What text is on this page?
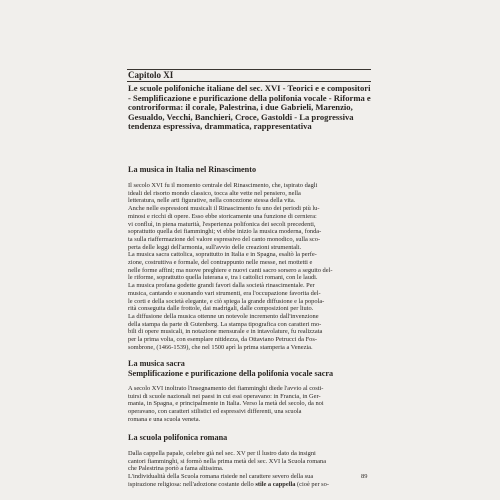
Capitolo XI
Le scuole polifoniche italiane del sec. XVI - Teorici e e compositori - Semplificazione e purificazione della polifonia vocale - Riforma e controriforma: il corale, Palestrina, i due Gabrieli, Marenzio, Gesualdo, Vecchi, Banchieri, Croce, Gastoldi - La progressiva tendenza espressiva, drammatica, rappresentativa
La musica in Italia nel Rinascimento
Il secolo XVI fu il momento centrale del Rinascimento, che, ispirato dagli
ideali del risorto mondo classico, tocca alte vette nel pensiero, nella
letteratura, nelle arti figurative, nella concezione stessa della vita.
Anche nelle espressioni musicali il Rinascimento fu uno dei periodi più lu-
minosi e ricchi di opere. Esso ebbe storicamente una funzione di cerniera:
vi confluì, in piena maturità, l'esperienza polifonica dei secoli precedenti,
soprattutto quella dei fiamminghi; vi ebbe inizio la musica moderna, fonda-
ta sulla riaffermazione del valore espressivo del canto monodico, sulla sco-
perta delle leggi dell'armonia, sull'avvio delle creazioni strumentali.
La musica sacra cattolica, soprattutto in Italia e in Spagna, esaltò la perfe-
zione, costruttiva e formale, del contrappunto nelle messe, nei mottetti e
nelle forme affini; ma nuove preghiere e nuovi canti sacro sorsero a seguito del-
le riforme, soprattutto quella luterana e, tra i cattolici romani, con le laudi.
La musica profana godette grandi favori dalla società rinascimentale. Per
musica, cantando e suonando vari strumenti, era l'occupazione favorita del-
le corti e della società elegante, e ciò spiega la grande diffusione e la popola-
rità conseguita dalle frottole, dai madrigali, dalle composizioni per liuto.
La diffusione della musica ottenne un notevole incremento dall'invenzione
della stampa da parte di Gutenberg. La stampa tipografica con caratteri mo-
bili di opere musicali, in notazione mensurale e in intavolature, fu realizzata
per la prima volta, con esemplare nitidezza, da Ottaviano Petrucci da Fos-
sombrone, (1466-1539), che nel 1500 aprì la prima stamperia a Venezia.
La musica sacra
Semplificazione e purificazione della polifonia vocale sacra
A secolo XVI inoltrato l'insegnamento dei fiamminghi diede l'avvio al costi-
tuirsi di scuole nazionali nei paesi in cui essi operavano: in Francia, in Ger-
mania, in Spagna, e principalmente in Italia. Verso la metà del secolo, da noi
operavano, con caratteri stilistici ed espressivi differenti, una scuola
romana e una scuola veneta.
La scuola polifonica romana
Dalla cappella papale, celebre già nel sec. XV per il lustro dato da insigni
cantori fiamminghi, si formò nella prima metà del sec. XVI la Scuola romana
che Palestrina portò a fama altissima.
L'individualità della Scuola romana risiede nel carattere severo della sua
ispirazione religiosa: nell'adozione costante dello stile a cappella (cioè per so-
89
